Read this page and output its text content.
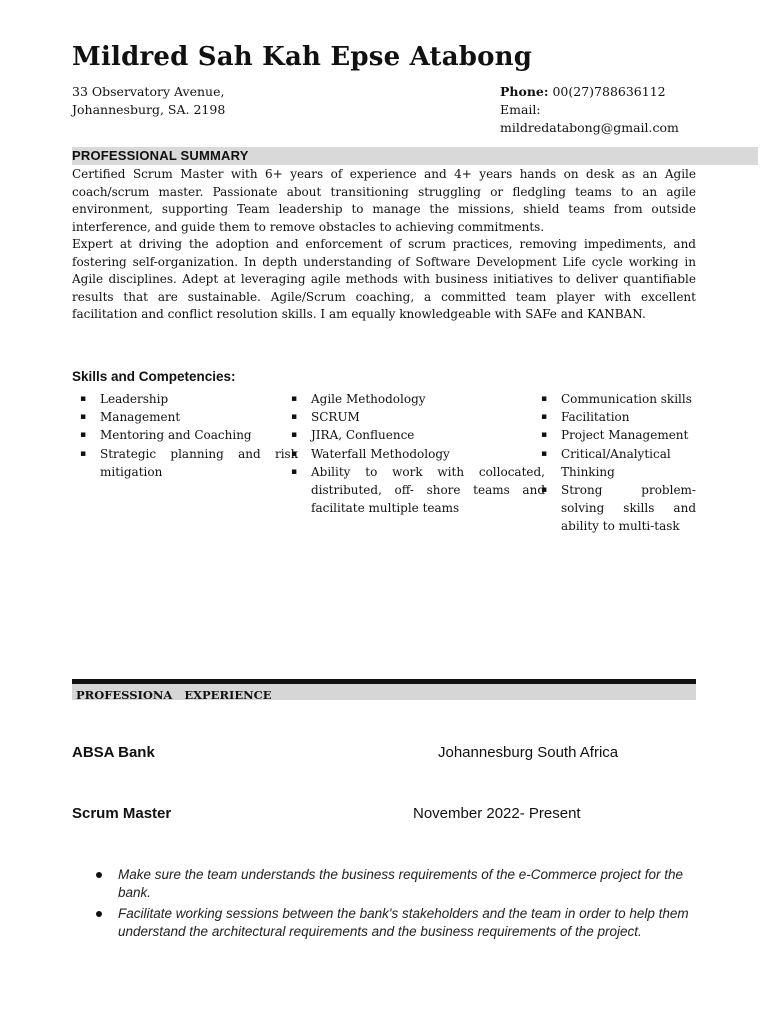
Mildred Sah Kah Epse Atabong
33 Observatory Avenue,
Johannesburg, SA. 2198
Phone: 00(27)788636112
Email:
mildredatabong@gmail.com
PROFESSIONAL SUMMARY

Certified Scrum Master with 6+ years of experience and 4+ years hands on desk as an Agile coach/scrum master. Passionate about transitioning struggling or fledgling teams to an agile environment, supporting Team leadership to manage the missions, shield teams from outside interference, and guide them to remove obstacles to achieving commitments.

Expert at driving the adoption and enforcement of scrum practices, removing impediments, and fostering self-organization. In depth understanding of Software Development Life cycle working in Agile disciplines. Adept at leveraging agile methods with business initiatives to deliver quantifiable results that are sustainable. Agile/Scrum coaching, a committed team player with excellent facilitation and conflict resolution skills. I am equally knowledgeable with SAFe and KANBAN.

Skills and Competencies:
▪ Leadership
▪ Management
▪ Mentoring and Coaching
▪ Strategic planning and risk mitigation
▪ Agile Methodology
▪ SCRUM
▪ JIRA, Confluence
▪ Waterfall Methodology
▪ Ability to work with collocated, distributed, off- shore teams and facilitate multiple teams
▪ Communication skills
▪ Facilitation
▪ Project Management
▪ Critical/Analytical Thinking
▪ Strong problem-solving skills and ability to multi-task
PROFESSIONA EXPERIENCE
ABSA Bank	Johannesburg South Africa
Scrum Master	November 2022- Present
Make sure the team understands the business requirements of the e-Commerce project for the bank.
Facilitate working sessions between the bank's stakeholders and the team in order to help them understand the architectural requirements and the business requirements of the project.
